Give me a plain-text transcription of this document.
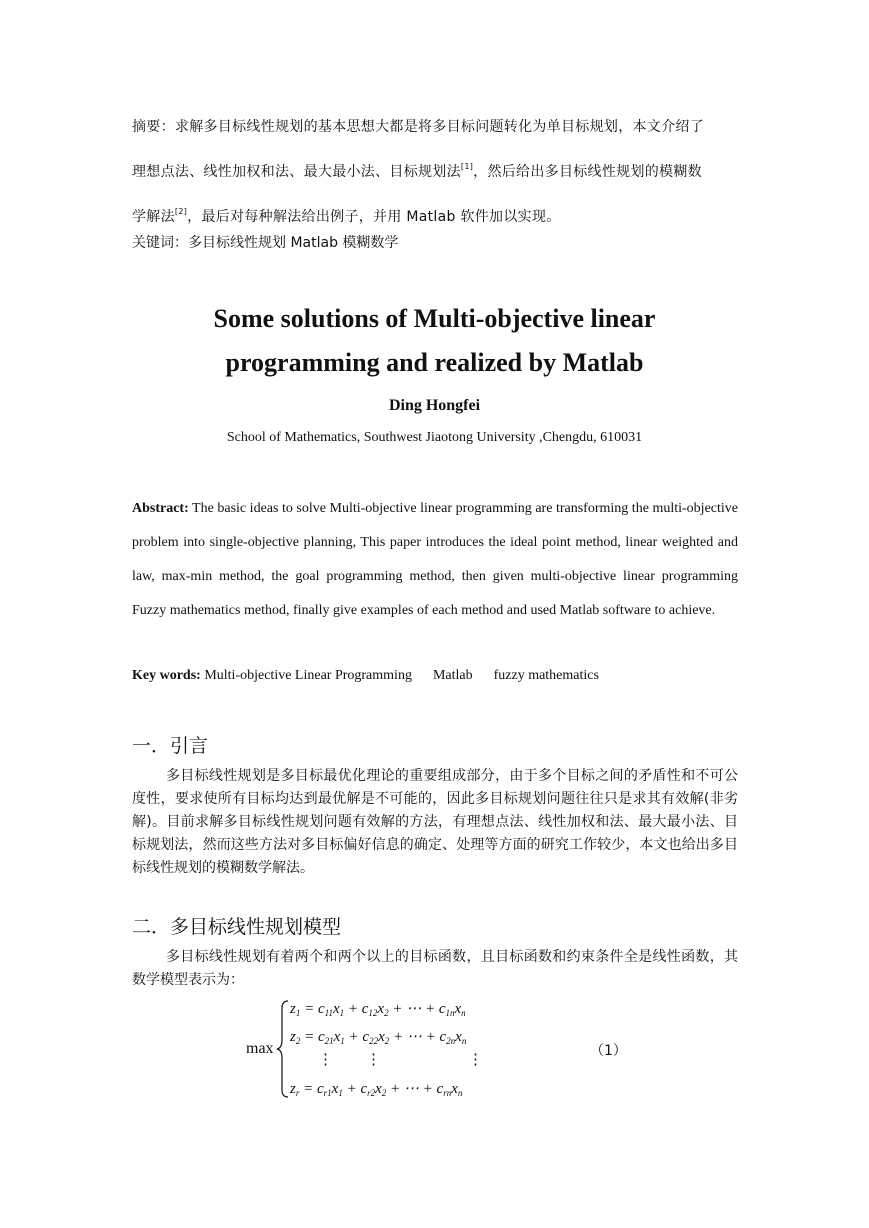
摘要：求解多目标线性规划的基本思想大都是将多目标问题转化为单目标规划，本文介绍了
理想点法、线性加权和法、最大最小法、目标规划法[1]，然后给出多目标线性规划的模糊数
学解法[2]，最后对每种解法给出例子，并用 Matlab 软件加以实现。
关键词：多目标线性规划 Matlab 模糊数学
Some solutions of Multi-objective linear
programming and realized by Matlab
Ding Hongfei
School of Mathematics, Southwest Jiaotong University ,Chengdu, 610031
Abstract: The basic ideas to solve Multi-objective linear programming are transforming the multi-objective problem into single-objective planning, This paper introduces the ideal point method, linear weighted and law, max-min method, the goal programming method, then given multi-objective linear programming Fuzzy mathematics method, finally give examples of each method and used Matlab software to achieve.
Key words: Multi-objective Linear Programming      Matlab      fuzzy mathematics
一．引言
多目标线性规划是多目标最优化理论的重要组成部分，由于多个目标之间的矛盾性和不可公度性，要求使所有目标均达到最优解是不可能的，因此多目标规划问题往往只是求其有效解(非劣解)。目前求解多目标线性规划问题有效解的方法，有理想点法、线性加权和法、最大最小法、目标规划法，然而这些方法对多目标偏好信息的确定、处理等方面的研究工作较少，本文也给出多目标线性规划的模糊数学解法。
二．多目标线性规划模型
多目标线性规划有着两个和两个以上的目标函数，且目标函数和约束条件全是线性函数，其数学模型表示为：
max
$z_1 = c_{11}x_1 + c_{12}x_2$ + ⋯ + $c_{1n}x_n$
$z_2 = c_{21}x_1 + c_{22}x_2$ + ⋯ + $c_{2n}x_n$
⋮ ⋮	⋮
$z_r = c_{r1}x_1 + c_{r2}x_2$ + ⋯ + $c_{rn}x_n$
（1）
